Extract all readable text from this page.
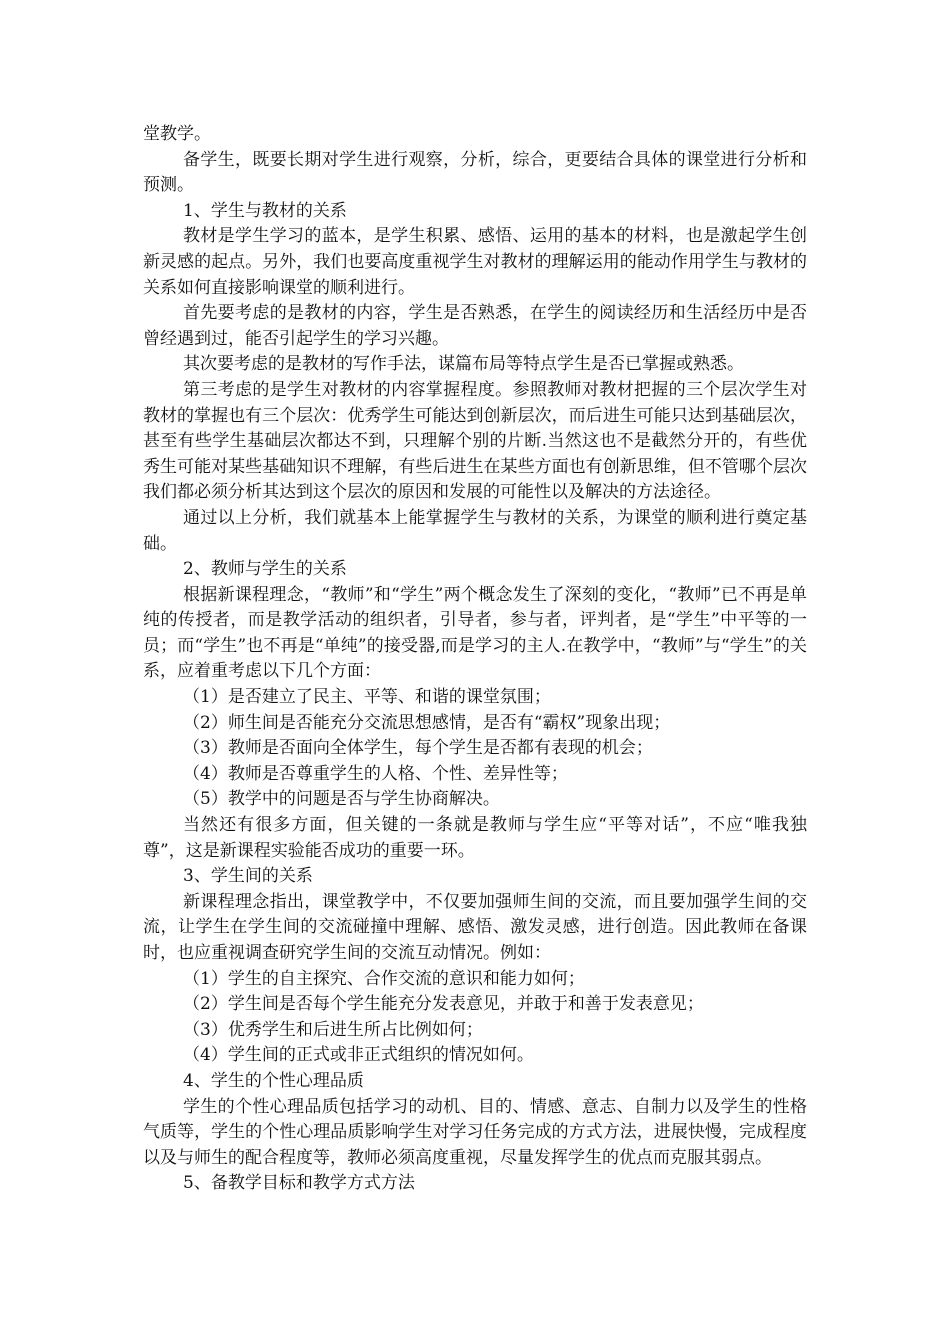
堂教学。

备学生，既要长期对学生进行观察，分析，综合，更要结合具体的课堂进行分析和预测。

1、学生与教材的关系

教材是学生学习的蓝本，是学生积累、感悟、运用的基本的材料，也是激起学生创新灵感的起点。另外，我们也要高度重视学生对教材的理解运用的能动作用学生与教材的关系如何直接影响课堂的顺利进行。

首先要考虑的是教材的内容，学生是否熟悉，在学生的阅读经历和生活经历中是否曾经遇到过，能否引起学生的学习兴趣。

其次要考虑的是教材的写作手法，谋篇布局等特点学生是否已掌握或熟悉。

第三考虑的是学生对教材的内容掌握程度。参照教师对教材把握的三个层次学生对教材的掌握也有三个层次：优秀学生可能达到创新层次，而后进生可能只达到基础层次，甚至有些学生基础层次都达不到，只理解个别的片断.当然这也不是截然分开的，有些优秀生可能对某些基础知识不理解，有些后进生在某些方面也有创新思维，但不管哪个层次我们都必须分析其达到这个层次的原因和发展的可能性以及解决的方法途径。

通过以上分析，我们就基本上能掌握学生与教材的关系，为课堂的顺利进行奠定基础。

2、教师与学生的关系

根据新课程理念，“教师”和“学生”两个概念发生了深刻的变化，“教师”已不再是单纯的传授者，而是教学活动的组织者，引导者，参与者，评判者，是“学生”中平等的一员；而“学生”也不再是“单纯”的接受器,而是学习的主人.在教学中，“教师”与“学生”的关系，应着重考虑以下几个方面：

（1）是否建立了民主、平等、和谐的课堂氛围；

（2）师生间是否能充分交流思想感情，是否有“霸权”现象出现；

（3）教师是否面向全体学生，每个学生是否都有表现的机会；

（4）教师是否尊重学生的人格、个性、差异性等；

（5）教学中的问题是否与学生协商解决。

当然还有很多方面，但关键的一条就是教师与学生应“平等对话”，不应“唯我独尊”，这是新课程实验能否成功的重要一环。

3、学生间的关系

新课程理念指出，课堂教学中，不仅要加强师生间的交流，而且要加强学生间的交流，让学生在学生间的交流碰撞中理解、感悟、激发灵感，进行创造。因此教师在备课时，也应重视调查研究学生间的交流互动情况。例如：

（1）学生的自主探究、合作交流的意识和能力如何；

（2）学生间是否每个学生能充分发表意见，并敢于和善于发表意见；

（3）优秀学生和后进生所占比例如何；

（4）学生间的正式或非正式组织的情况如何。

4、学生的个性心理品质

学生的个性心理品质包括学习的动机、目的、情感、意志、自制力以及学生的性格气质等，学生的个性心理品质影响学生对学习任务完成的方式方法，进展快慢，完成程度以及与师生的配合程度等，教师必须高度重视，尽量发挥学生的优点而克服其弱点。

5、备教学目标和教学方式方法
